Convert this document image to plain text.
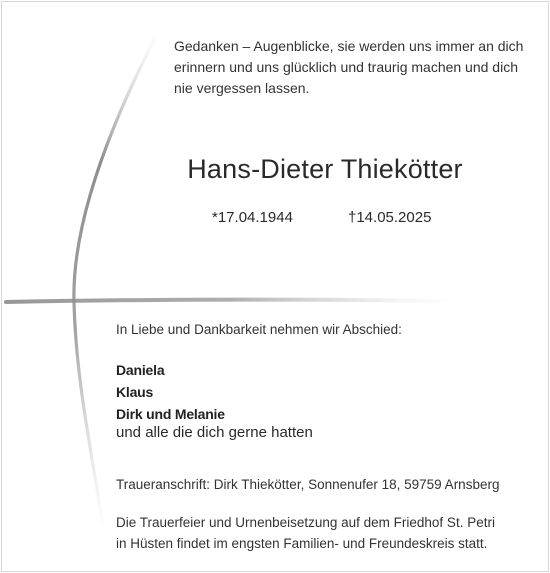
Gedanken – Augenblicke, sie werden uns immer an dich
erinnern und uns glücklich und traurig machen und dich
nie vergessen lassen.
Hans-Dieter Thiekötter
*17.04.1944	†14.05.2025
In Liebe und Dankbarkeit nehmen wir Abschied:
Daniela
Klaus
Dirk und Melanie
und alle die dich gerne hatten
Traueranschrift: Dirk Thiekötter, Sonnenufer 18, 59759 Arnsberg
Die Trauerfeier und Urnenbeisetzung auf dem Friedhof St. Petri
in Hüsten findet im engsten Familien- und Freundeskreis statt.
